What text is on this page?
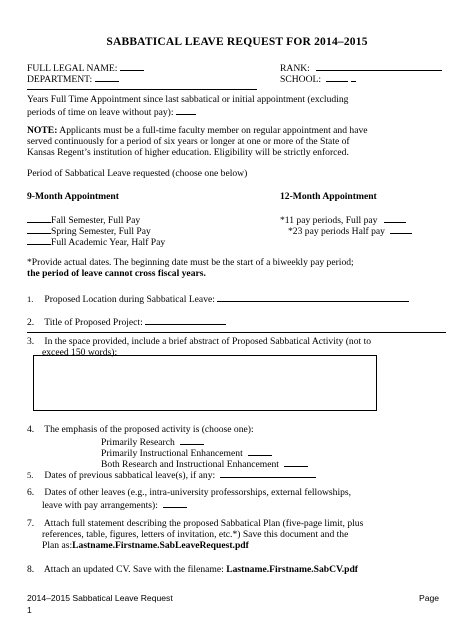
SABBATICAL LEAVE REQUEST FOR 2014–2015
FULL LEGAL NAME:	RANK:
DEPARTMENT:	SCHOOL:
Years Full Time Appointment since last sabbatical or initial appointment (excluding
periods of time on leave without pay):
NOTE: Applicants must be a full-time faculty member on regular appointment and have
served continuously for a period of six years or longer at one or more of the State of
Kansas Regent’s institution of higher education. Eligibility will be strictly enforced.
Period of Sabbatical Leave requested (choose one below)
9-Month Appointment	12-Month Appointment
Fall Semester, Full Pay
Spring Semester, Full Pay
Full Academic Year, Half Pay
*11 pay periods, Full pay
*23 pay periods Half pay
*Provide actual dates. The beginning date must be the start of a biweekly pay period;
the period of leave cannot cross fiscal years.
1. Proposed Location during Sabbatical Leave:
2. Title of Proposed Project:
3. In the space provided, include a brief abstract of Proposed Sabbatical Activity (not to
exceed 150 words):
4. The emphasis of the proposed activity is (choose one):
Primarily Research
Primarily Instructional Enhancement
Both Research and Instructional Enhancement
5. Dates of previous sabbatical leave(s), if any:
6. Dates of other leaves (e.g., intra-university professorships, external fellowships,
leave with pay arrangements):
7. Attach full statement describing the proposed Sabbatical Plan (five-page limit, plus
references, table, figures, letters of invitation, etc.*) Save this document and the
Plan as:Lastname.Firstname.SabLeaveRequest.pdf
8. Attach an updated CV. Save with the filename: Lastname.Firstname.SabCV.pdf
2014–2015 Sabbatical Leave Request	Page
1
